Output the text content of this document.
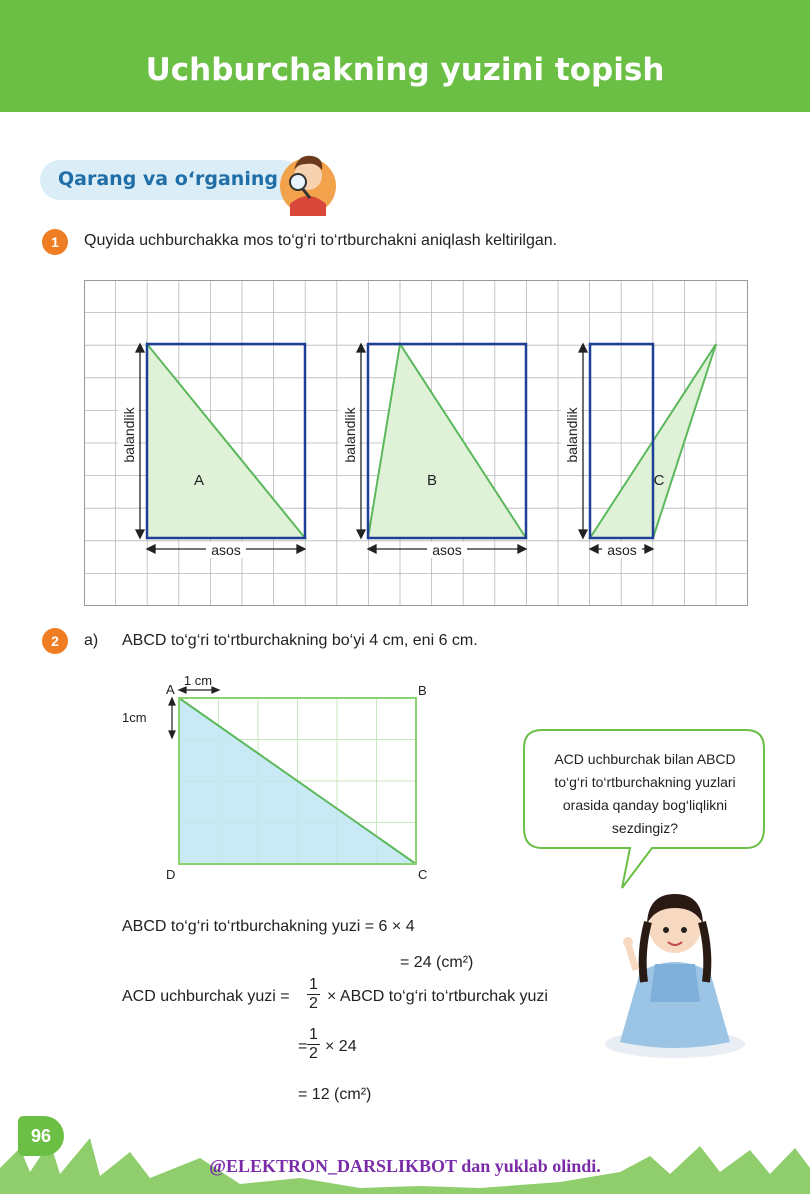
Uchburchakning yuzini topish
Qarang va o‘rganing
1	Quyida uchburchakka mos to‘g‘ri to‘rtburchakni aniqlash keltirilgan.
balandlik	balandlik	balandlik
asos	asos	asos
A	B	C
2	a) ABCD to‘g‘ri to‘rtburchakning bo‘yi 4 cm, eni 6 cm.
A	B
C
D
1 cm
1cm
ACD uchburchak bilan ABCD
to‘g‘ri to‘rtburchakning yuzlari
orasida qanday bog‘liqlikni
sezdingiz?
ABCD to‘g‘ri to‘rtburchakning yuzi = 6 × 4
= 24 (cm²)
ACD uchburchak yuzi = $\frac{1}{2}$ × ABCD to‘g‘ri to‘rtburchak yuzi
= $\frac{1}{2} \times 24$
= 12 (cm²)
96
@ELEKTRON_DARSLIKBOT dan yuklab olindi.
